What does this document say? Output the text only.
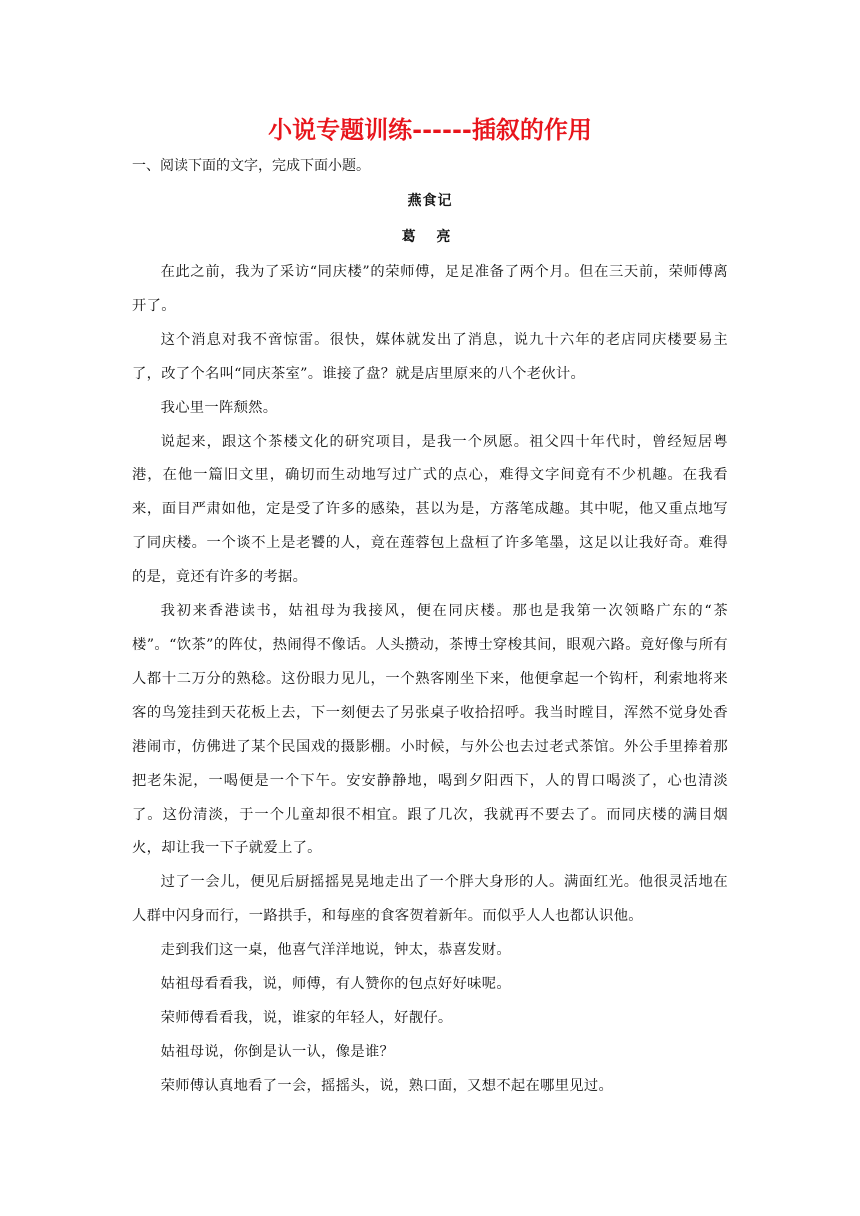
小说专题训练------插叙的作用
一、阅读下面的文字，完成下面小题。
燕食记
葛 亮

在此之前，我为了采访“同庆楼”的荣师傅，足足准备了两个月。但在三天前，荣师傅离开了。

这个消息对我不啻惊雷。很快，媒体就发出了消息，说九十六年的老店同庆楼要易主了，改了个名叫“同庆茶室”。谁接了盘？就是店里原来的八个老伙计。

我心里一阵颓然。

说起来，跟这个茶楼文化的研究项目，是我一个夙愿。祖父四十年代时，曾经短居粤港，在他一篇旧文里，确切而生动地写过广式的点心，难得文字间竟有不少机趣。在我看来，面目严肃如他，定是受了许多的感染，甚以为是，方落笔成趣。其中呢，他又重点地写了同庆楼。一个谈不上是老饕的人，竟在莲蓉包上盘桓了许多笔墨，这足以让我好奇。难得的是，竟还有许多的考据。

我初来香港读书，姑祖母为我接风，便在同庆楼。那也是我第一次领略广东的“茶楼”。“饮茶”的阵仗，热闹得不像话。人头攒动，茶博士穿梭其间，眼观六路。竟好像与所有人都十二万分的熟稔。这份眼力见儿，一个熟客刚坐下来，他便拿起一个钩杆，利索地将来客的鸟笼挂到天花板上去，下一刻便去了另张桌子收拾招呼。我当时瞠目，浑然不觉身处香港闹市，仿佛进了某个民国戏的摄影棚。小时候，与外公也去过老式茶馆。外公手里捧着那把老朱泥，一喝便是一个下午。安安静静地，喝到夕阳西下，人的胃口喝淡了，心也清淡了。这份清淡，于一个儿童却很不相宜。跟了几次，我就再不要去了。而同庆楼的满目烟火，却让我一下子就爱上了。

过了一会儿，便见后厨摇摇晃晃地走出了一个胖大身形的人。满面红光。他很灵活地在人群中闪身而行，一路拱手，和每座的食客贺着新年。而似乎人人也都认识他。

走到我们这一桌，他喜气洋洋地说，钟太，恭喜发财。

姑祖母看看我，说，师傅，有人赞你的包点好好味呢。

荣师傅看看我，说，谁家的年轻人，好靓仔。

姑祖母说，你倒是认一认，像是谁？

荣师傅认真地看了一会，摇摇头，说，熟口面，又想不起在哪里见过。
